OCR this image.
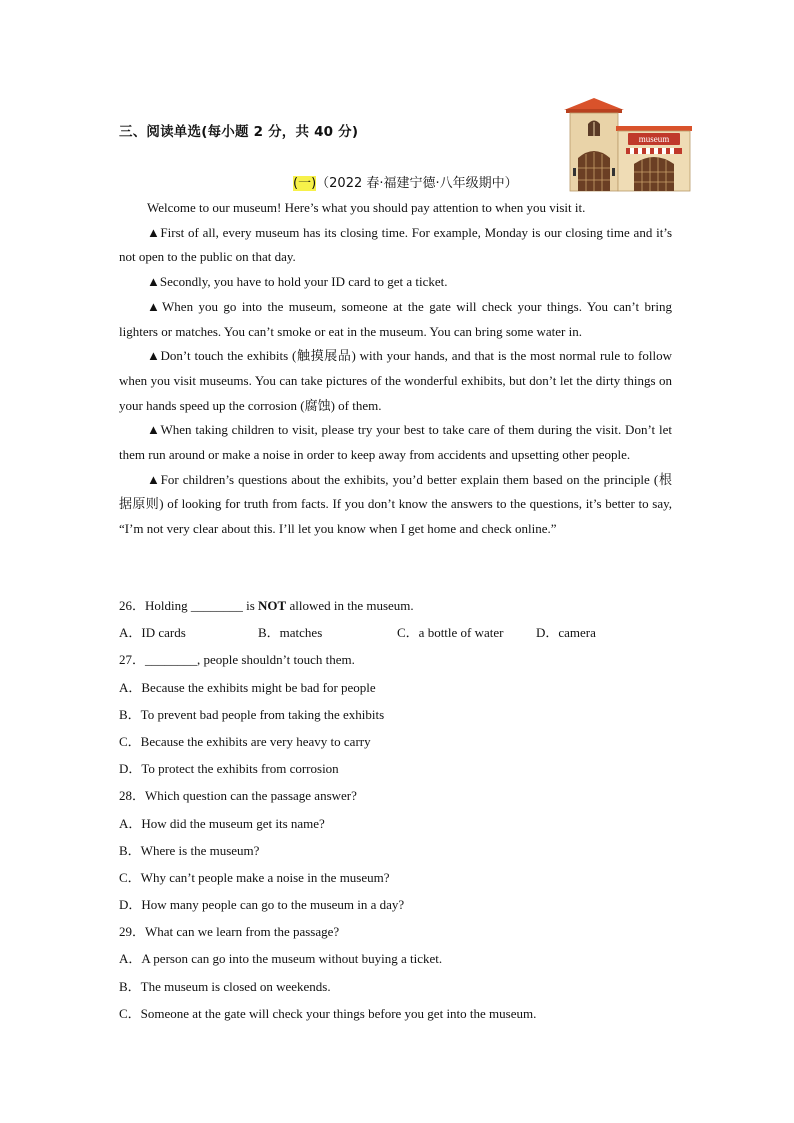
三、阅读单选(每小题 2 分，共 40 分)	museum
(一)（2022 春·福建宁德·八年级期中）

Welcome to our museum! Here’s what you should pay attention to when you visit it.

▲First of all, every museum has its closing time. For example, Monday is our closing time and it’s not open to the public on that day.

▲Secondly, you have to hold your ID card to get a ticket.

▲When you go into the museum, someone at the gate will check your things. You can’t bring lighters or matches. You can’t smoke or eat in the museum. You can bring some water in.

▲Don’t touch the exhibits (触摸展品) with your hands, and that is the most normal rule to follow when you visit museums. You can take pictures of the wonderful exhibits, but don’t let the dirty things on your hands speed up the corrosion (腐蚀) of them.

▲When taking children to visit, please try your best to take care of them during the visit. Don’t let them run around or make a noise in order to keep away from accidents and upsetting other people.

▲For children’s questions about the exhibits, you’d better explain them based on the principle (根据原则) of looking for truth from facts. If you don’t know the answers to the questions, it’s better to say, “I’m not very clear about this. I’ll let you know when I get home and check online.”

26．Holding ________ is NOT allowed in the museum.
A．ID cards	B．matches	C．a bottle of water	D．camera
27．________, people shouldn’t touch them.
A．Because the exhibits might be bad for people
B．To prevent bad people from taking the exhibits
C．Because the exhibits are very heavy to carry
D．To protect the exhibits from corrosion
28．Which question can the passage answer?
A．How did the museum get its name?
B．Where is the museum?
C．Why can’t people make a noise in the museum?
D．How many people can go to the museum in a day?
29．What can we learn from the passage?
A．A person can go into the museum without buying a ticket.
B．The museum is closed on weekends.
C．Someone at the gate will check your things before you get into the museum.
